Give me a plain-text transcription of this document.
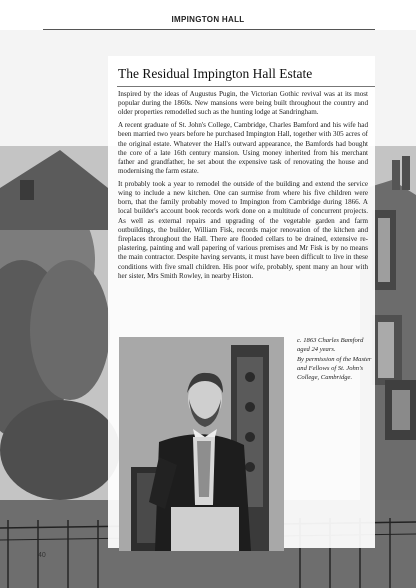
IMPINGTON HALL
The Residual Impington Hall Estate

Inspired by the ideas of Augustus Pugin, the Victorian Gothic revival was at its most popular during the 1860s. New mansions were being built throughout the country and older properties remodelled such as the hunting lodge at Sandringham.

A recent graduate of St. John's College, Cambridge, Charles Bamford and his wife had been married two years before he purchased Impington Hall, together with 305 acres of the original estate. Whatever the Hall's outward appearance, the Bamfords had bought the core of a late 16th century mansion. Using money inherited from his merchant father and grandfather, he set about the expensive task of renovating the house and modernising the farm estate.

It probably took a year to remodel the outside of the building and extend the service wing to include a new kitchen. One can surmise from where his five children were born, that the family probably moved to Impington from Cambridge during 1866. A local builder's account book records work done on a multitude of concurrent projects. As well as external repairs and upgrading of the vegetable garden and farm outbuildings, the builder, William Fisk, records major renovation of the kitchen and fireplaces throughout the Hall. There are flooded cellars to be drained, extensive re-plastering, painting and wall papering of various premises and Mr Fisk is by no means the main contractor. Despite having servants, it must have been difficult to live in these conditions with five small children. His poor wife, probably, spent many an hour with her sister, Mrs Smith Rowley, in nearby Histon.

c. 1863 Charles Bamford aged 24 years.

By permission of the Master and Fellows of St. John's College, Cambridge.

40
